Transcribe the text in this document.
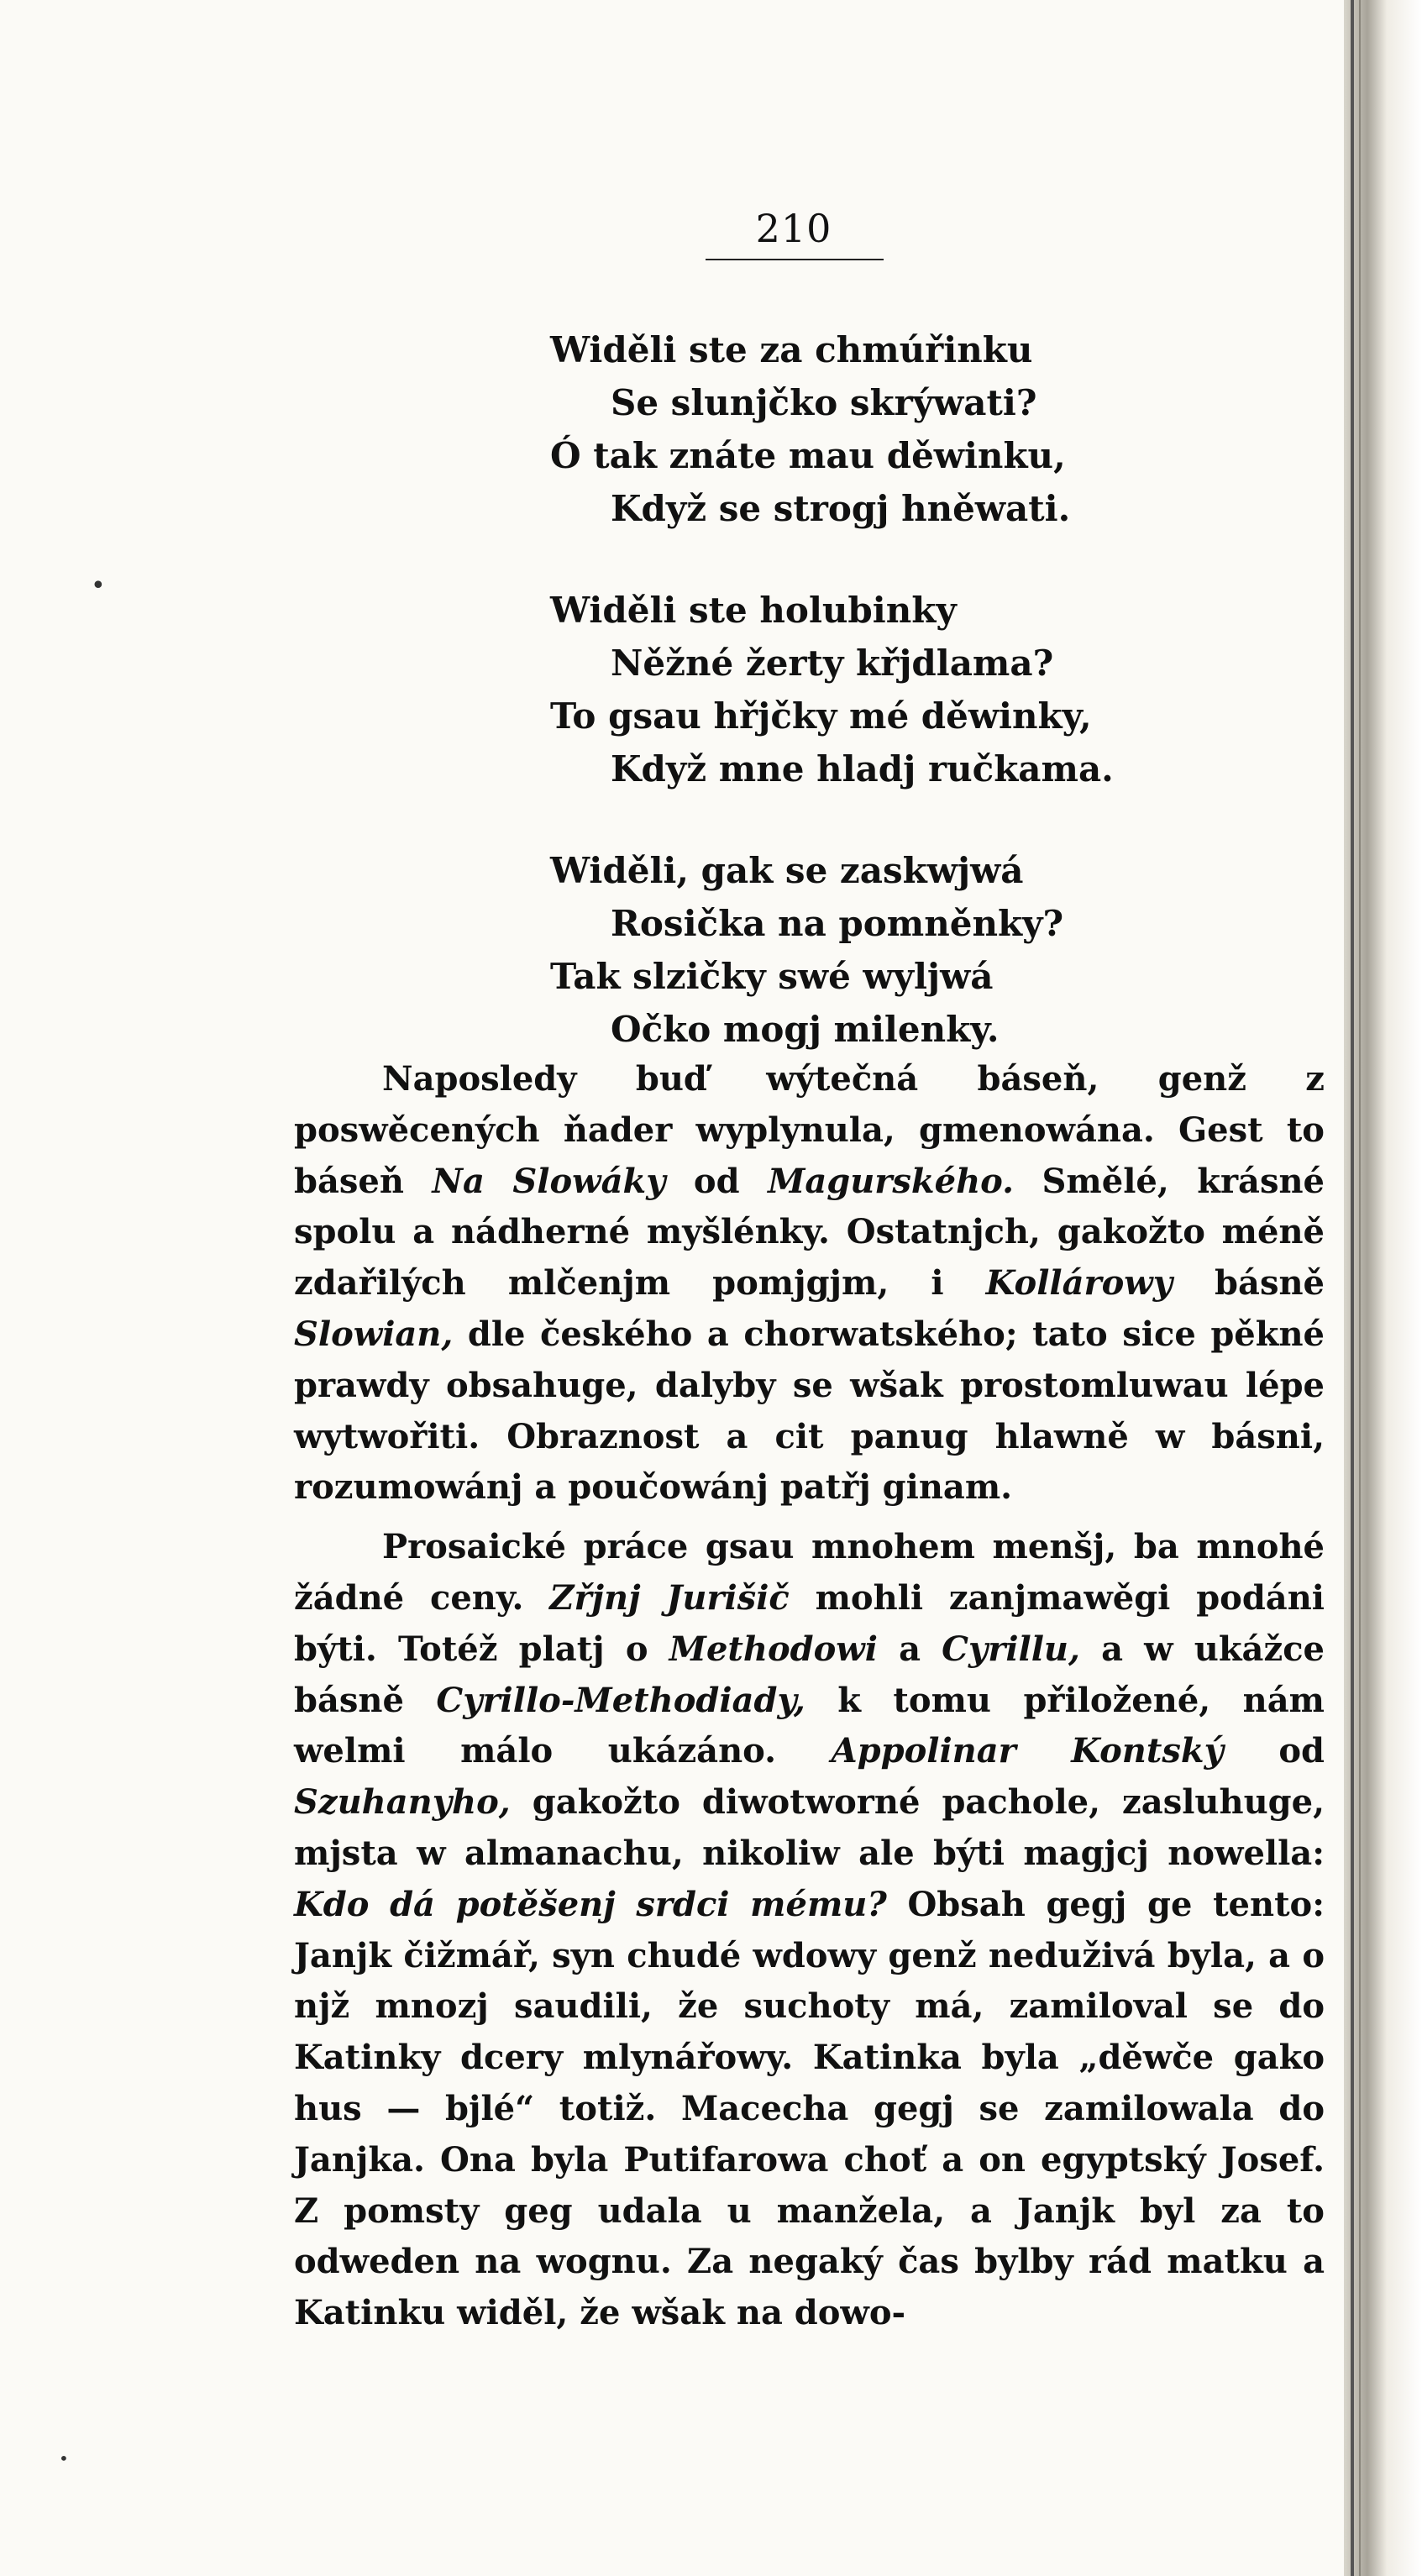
210
Widěli ste za chmúřinku
Se slunjčko skrýwati?
Ó tak znáte mau děwinku,
Když se strogj hněwati.
Widěli ste holubinky
Něžné žerty křjdlama?
To gsau hřjčky mé děwinky,
Když mne hladj ručkama.
Widěli, gak se zaskwjwá
Rosička na pomněnky?
Tak slzičky swé wyljwá
Očko mogj milenky.

Naposledy buď wýtečná báseň, genž z poswěcených ňader wyplynula, gmenowána. Gest to báseň Na Slowáky od Magurského. Smělé, krásné spolu a nádherné myšlénky. Ostatnjch, gakožto méně zdařilých mlčenjm pomjgjm, i Kollárowy básně Slowian, dle českého a chorwatského; tato sice pěkné prawdy obsahuge, dalyby se wšak prostomluwau lépe wytwořiti. Obraznost a cit panug hlawně w básni, rozumowánj a poučowánj patřj ginam.

Prosaické práce gsau mnohem menšj, ba mnohé žádné ceny. Zřjnj Jurišič mohli zanjmawěgi podáni býti. Totéž platj o Methodowi a Cyrillu, a w ukážce básně Cyrillo-Methodiady, k tomu přiložené, nám welmi málo ukázáno. Appolinar Kontský od Szuhanyho, gakožto diwotworné pachole, zasluhuge, mjsta w almanachu, nikoliw ale býti magjcj nowella: Kdo dá potěšenj srdci mému? Obsah gegj ge tento: Janjk čižmář, syn chudé wdowy genž neduživá byla, a o njž mnozj saudili, že suchoty má, zamiloval se do Katinky dcery mlynářowy. Katinka byla „děwče gako hus — bjlé“ totiž. Macecha gegj se zamilowala do Janjka. Ona byla Putifarowa choť a on egyptský Josef. Z pomsty geg udala u manžela, a Janjk byl za to odweden na wognu. Za negaký čas bylby rád matku a Katinku widěl, že wšak na dowo-

•
•
